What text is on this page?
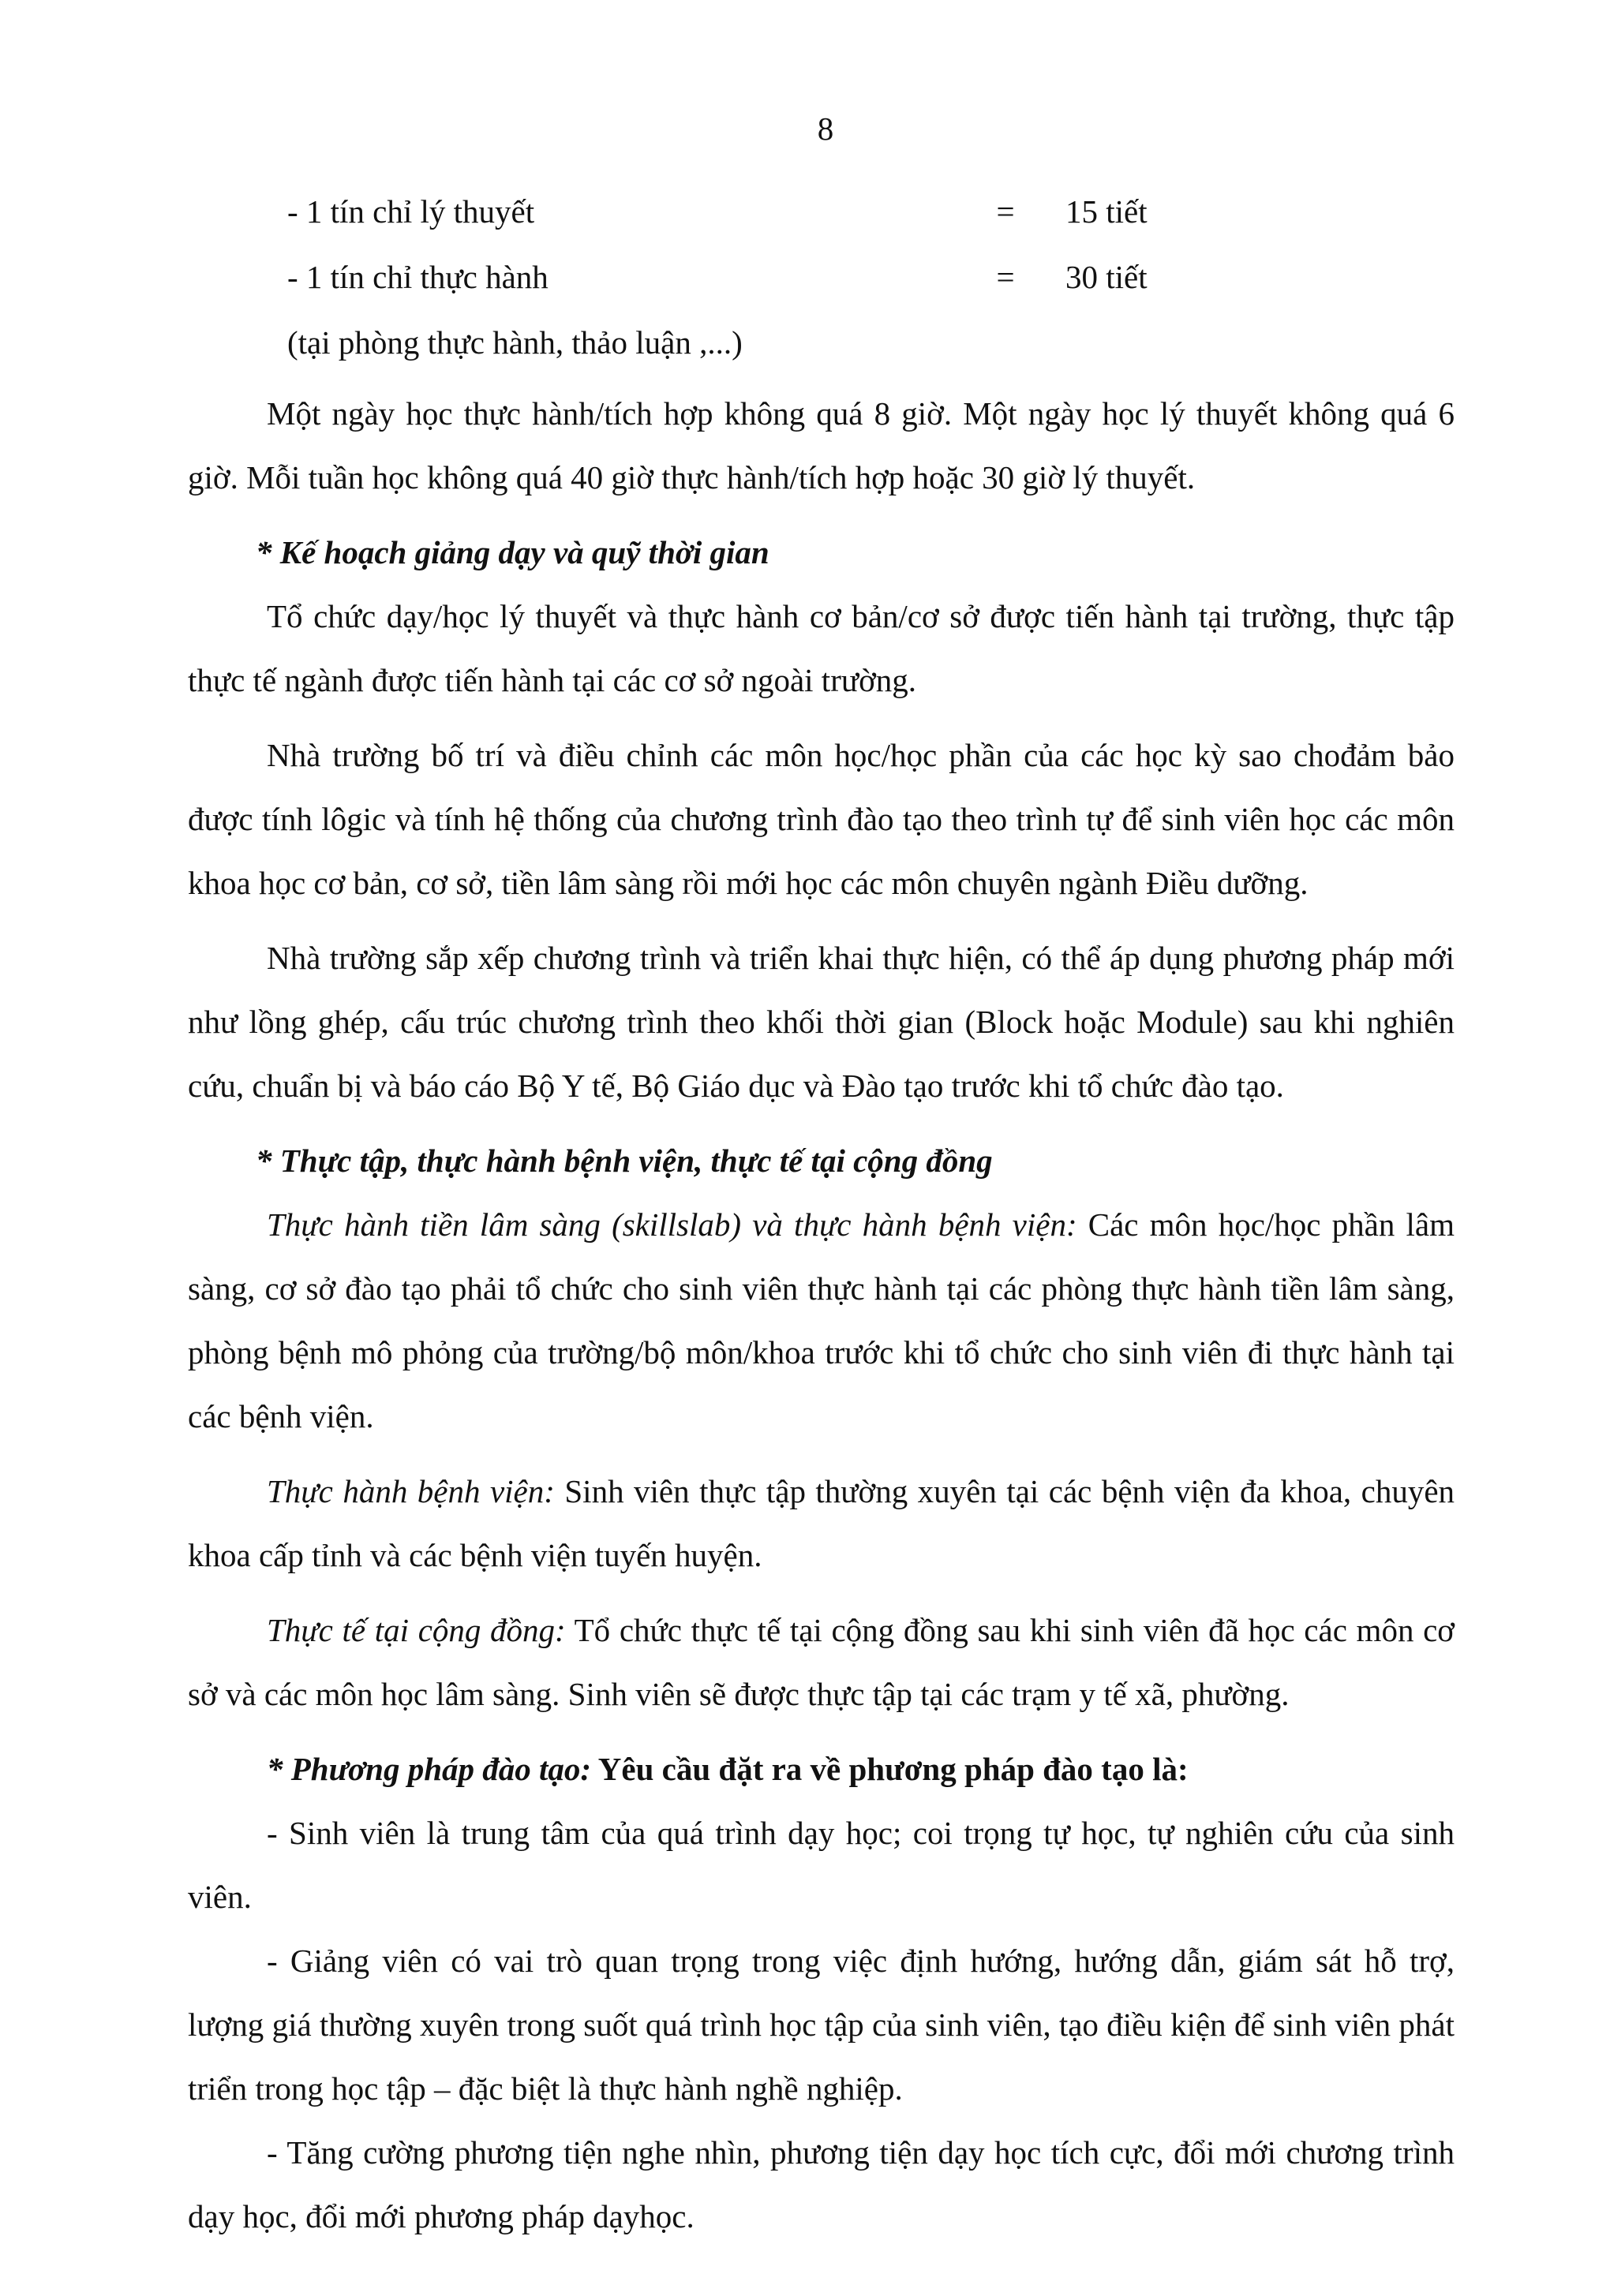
8
- 1 tín chỉ lý thuyết	=	15 tiết
- 1 tín chỉ thực hành	=	30 tiết
(tại phòng thực hành, thảo luận ,...)

Một ngày học thực hành/tích hợp không quá 8 giờ. Một ngày học lý thuyết không quá 6 giờ. Mỗi tuần học không quá 40 giờ thực hành/tích hợp hoặc 30 giờ lý thuyết.

* Kế hoạch giảng dạy và quỹ thời gian

Tổ chức dạy/học lý thuyết và thực hành cơ bản/cơ sở được tiến hành tại trường, thực tập thực tế ngành được tiến hành tại các cơ sở ngoài trường.

Nhà trường bố trí và điều chỉnh các môn học/học phần của các học kỳ sao chođảm bảo được tính lôgic và tính hệ thống của chương trình đào tạo theo trình tự để sinh viên học các môn khoa học cơ bản, cơ sở, tiền lâm sàng rồi mới học các môn chuyên ngành Điều dưỡng.

Nhà trường sắp xếp chương trình và triển khai thực hiện, có thể áp dụng phương pháp mới như lồng ghép, cấu trúc chương trình theo khối thời gian (Block hoặc Module) sau khi nghiên cứu, chuẩn bị và báo cáo Bộ Y tế, Bộ Giáo dục và Đào tạo trước khi tổ chức đào tạo.

* Thực tập, thực hành bệnh viện, thực tế tại cộng đồng

Thực hành tiền lâm sàng (skillslab) và thực hành bệnh viện: Các môn học/học phần lâm sàng, cơ sở đào tạo phải tổ chức cho sinh viên thực hành tại các phòng thực hành tiền lâm sàng, phòng bệnh mô phỏng của trường/bộ môn/khoa trước khi tổ chức cho sinh viên đi thực hành tại các bệnh viện.

Thực hành bệnh viện: Sinh viên thực tập thường xuyên tại các bệnh viện đa khoa, chuyên khoa cấp tỉnh và các bệnh viện tuyến huyện.

Thực tế tại cộng đồng: Tổ chức thực tế tại cộng đồng sau khi sinh viên đã học các môn cơ sở và các môn học lâm sàng. Sinh viên sẽ được thực tập tại các trạm y tế xã, phường.

* Phương pháp đào tạo: Yêu cầu đặt ra về phương pháp đào tạo là:

- Sinh viên là trung tâm của quá trình dạy học; coi trọng tự học, tự nghiên cứu của sinh viên.

- Giảng viên có vai trò quan trọng trong việc định hướng, hướng dẫn, giám sát hỗ trợ, lượng giá thường xuyên trong suốt quá trình học tập của sinh viên, tạo điều kiện để sinh viên phát triển trong học tập – đặc biệt là thực hành nghề nghiệp.

- Tăng cường phương tiện nghe nhìn, phương tiện dạy học tích cực, đổi mới chương trình dạy học, đổi mới phương pháp dạyhọc.
